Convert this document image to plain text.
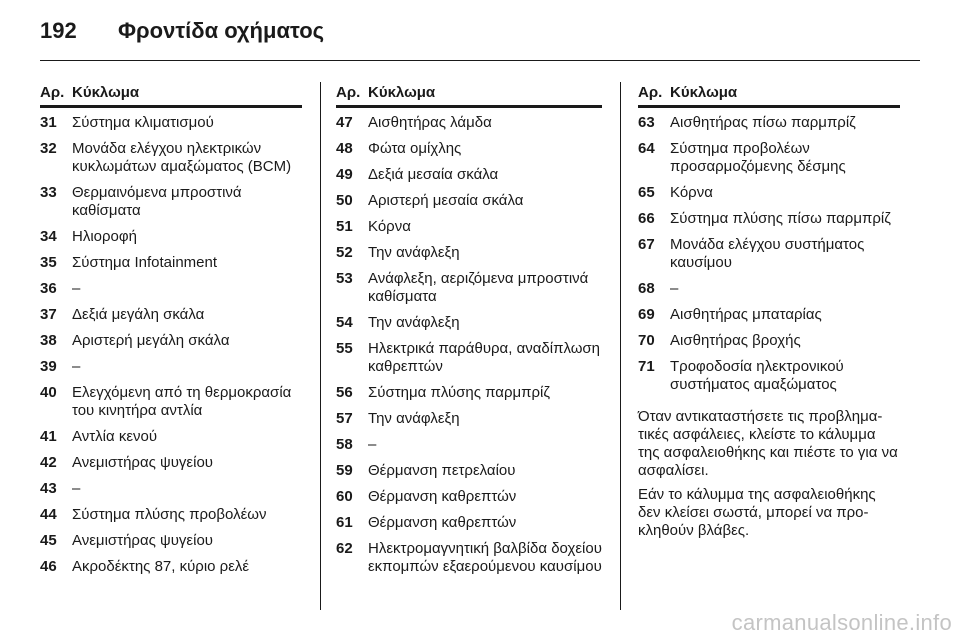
192	Φροντίδα οχήματος
Αρ. Κύκλωμα
31	Σύστημα κλιματισμού
32	Μονάδα ελέγχου ηλεκτρικών κυκλωμάτων αμαξώματος (BCM)
33	Θερμαινόμενα μπροστινά καθίσματα
34	Ηλιοροφή
35	Σύστημα Infotainment
36	–
37	Δεξιά μεγάλη σκάλα
38	Αριστερή μεγάλη σκάλα
39	–
40	Ελεγχόμενη από τη θερμοκρασία του κινητήρα αντλία
41	Αντλία κενού
42	Ανεμιστήρας ψυγείου
43	–
44	Σύστημα πλύσης προβολέων
45	Ανεμιστήρας ψυγείου
46	Ακροδέκτης 87, κύριο ρελέ
Αρ. Κύκλωμα
47	Αισθητήρας λάμδα
48	Φώτα ομίχλης
49	Δεξιά μεσαία σκάλα
50	Αριστερή μεσαία σκάλα
51	Κόρνα
52	Την ανάφλεξη
53	Ανάφλεξη, αεριζόμενα μπροστινά καθίσματα
54	Την ανάφλεξη
55	Ηλεκτρικά παράθυρα, αναδίπλωση καθρεπτών
56	Σύστημα πλύσης παρμπρίζ
57	Την ανάφλεξη
58	–
59	Θέρμανση πετρελαίου
60	Θέρμανση καθρεπτών
61	Θέρμανση καθρεπτών
62	Ηλεκτρομαγνητική βαλβίδα δοχείου εκπομπών εξαερούμενου καυσίμου
Αρ. Κύκλωμα
63	Αισθητήρας πίσω παρμπρίζ
64	Σύστημα προβολέων προσαρμοζόμενης δέσμης
65	Κόρνα
66	Σύστημα πλύσης πίσω παρμπρίζ
67	Μονάδα ελέγχου συστήματος καυσίμου
68	–
69	Αισθητήρας μπαταρίας
70	Αισθητήρας βροχής
71	Τροφοδοσία ηλεκτρονικού συστήματος αμαξώματος

Όταν αντικαταστήσετε τις προβλημα-τικές ασφάλειες, κλείστε το κάλυμμα της ασφαλειοθήκης και πιέστε το για να ασφαλίσει.

Εάν το κάλυμμα της ασφαλειοθήκης δεν κλείσει σωστά, μπορεί να προ-κληθούν βλάβες.

carmanualsonline.info
